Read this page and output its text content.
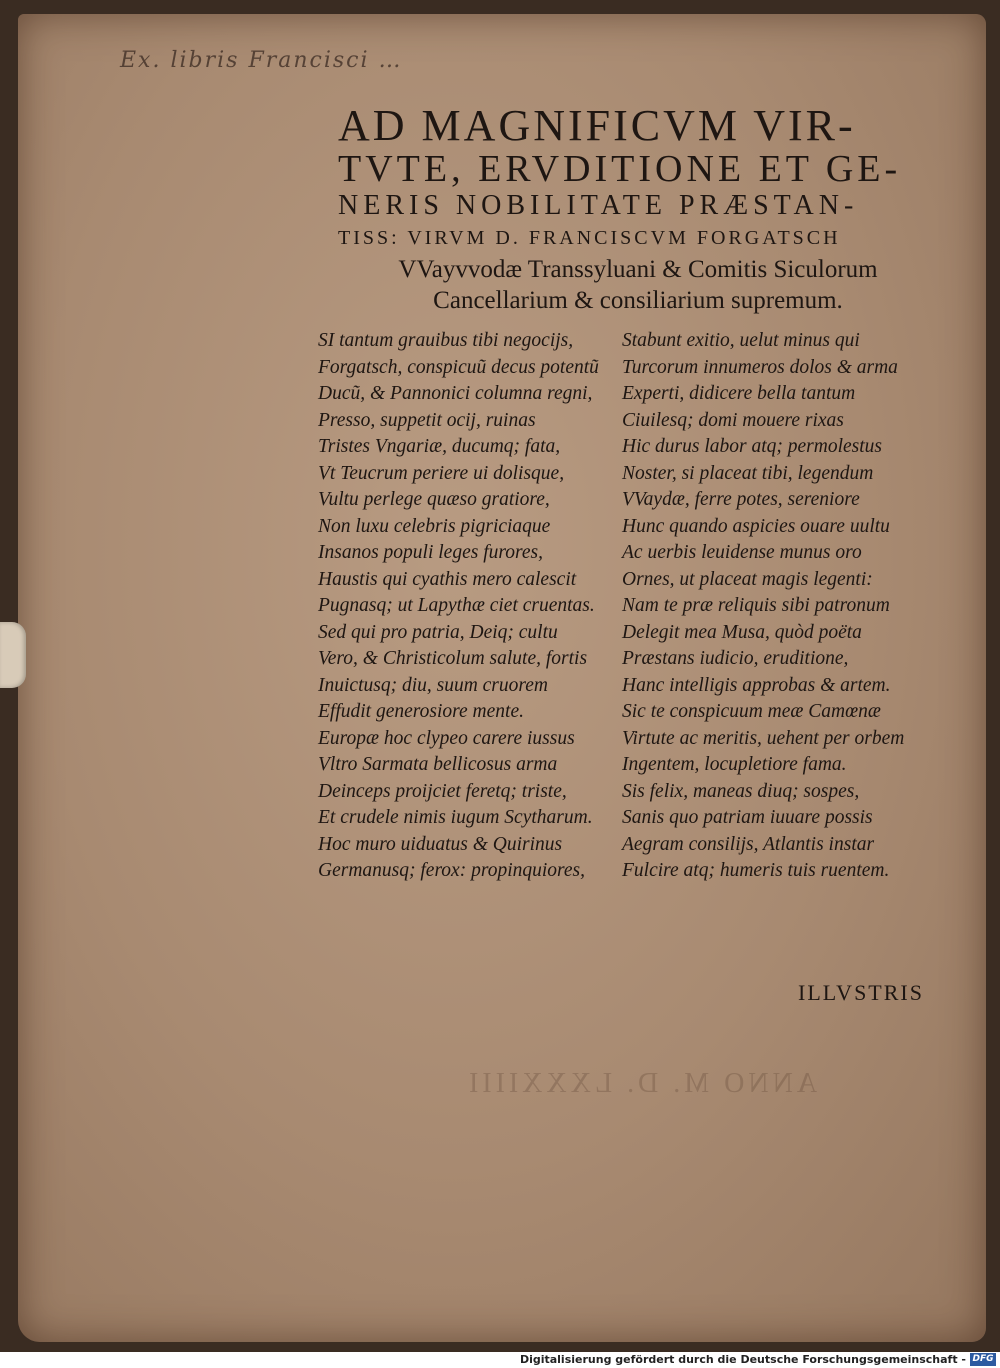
Ex. libris Francisci …
AD MAGNIFICVM VIR-
TVTE, ERVDITIONE ET GE-
NERIS NOBILITATE PRÆSTAN-
TISS: VIRVM D. FRANCISCVM FORGATSCH
VVayvvodæ Transsyluani & Comitis Siculorum
Cancellarium & consiliarium supremum.
SI tantum grauibus tibi negocijs,
Forgatsch, conspicuũ decus potentũ
Ducũ, & Pannonici columna regni,
Presso, suppetit ocij, ruinas
Tristes Vngariæ, ducumq; fata,
Vt Teucrum periere ui dolisque,
Vultu perlege quæso gratiore,
Non luxu celebris pigriciaque
Insanos populi leges furores,
Haustis qui cyathis mero calescit
Pugnasq; ut Lapythæ ciet cruentas.
Sed qui pro patria, Deiq; cultu
Vero, & Christicolum salute, fortis
Inuictusq; diu, suum cruorem
Effudit generosiore mente.
Europæ hoc clypeo carere iussus
Vltro Sarmata bellicosus arma
Deinceps proijciet feretq; triste,
Et crudele nimis iugum Scytharum.
Hoc muro uiduatus & Quirinus
Germanusq; ferox: propinquiores,
Stabunt exitio, uelut minus qui
Turcorum innumeros dolos & arma
Experti, didicere bella tantum
Ciuilesq; domi mouere rixas
Hic durus labor atq; permolestus
Noster, si placeat tibi, legendum
VVaydæ, ferre potes, sereniore
Hunc quando aspicies ouare uultu
Ac uerbis leuidense munus oro
Ornes, ut placeat magis legenti:
Nam te præ reliquis sibi patronum
Delegit mea Musa, quòd poëta
Præstans iudicio, eruditione,
Hanc intelligis approbas & artem.
Sic te conspicuum meæ Camœnæ
Virtute ac meritis, uehent per orbem
Ingentem, locupletiore fama.
Sis felix, maneas diuq; sospes,
Sanis quo patriam iuuare possis
Aegram consilijs, Atlantis instar
Fulcire atq; humeris tuis ruentem.
ILLVSTRIS
ANNO M. D. LXXXIIII
Digitalisierung gefördert durch die Deutsche Forschungsgemeinschaft - DFG
